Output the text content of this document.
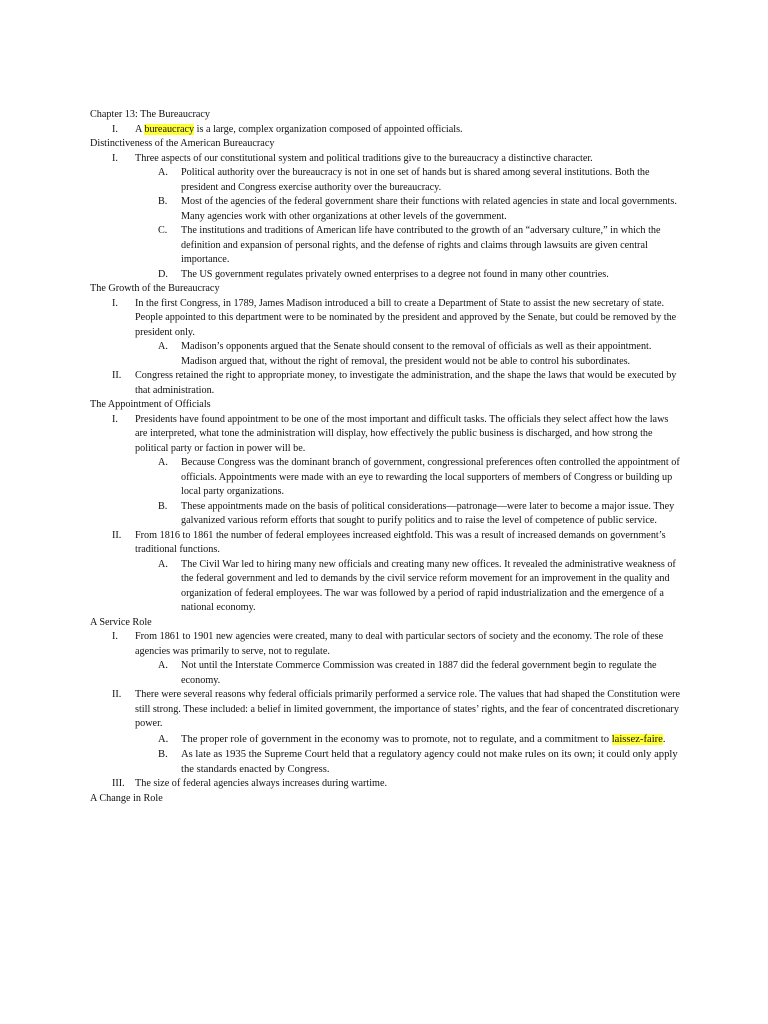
Chapter 13: The Bureaucracy

I. A bureaucracy is a large, complex organization composed of appointed officials.

Distinctiveness of the American Bureaucracy

I. Three aspects of our constitutional system and political traditions give to the bureaucracy a distinctive character.
A. Political authority over the bureaucracy is not in one set of hands but is shared among several institutions. Both the president and Congress exercise authority over the bureaucracy.
B. Most of the agencies of the federal government share their functions with related agencies in state and local governments. Many agencies work with other organizations at other levels of the government.
C. The institutions and traditions of American life have contributed to the growth of an “adversary culture,” in which the definition and expansion of personal rights, and the defense of rights and claims through lawsuits are given central importance.
D. The US government regulates privately owned enterprises to a degree not found in many other countries.

The Growth of the Bureaucracy

I. In the first Congress, in 1789, James Madison introduced a bill to create a Department of State to assist the new secretary of state. People appointed to this department were to be nominated by the president and approved by the Senate, but could be removed by the president only.
A. Madison’s opponents argued that the Senate should consent to the removal of officials as well as their appointment. Madison argued that, without the right of removal, the president would not be able to control his subordinates.
II. Congress retained the right to appropriate money, to investigate the administration, and the shape the laws that would be executed by that administration.

The Appointment of Officials

I. Presidents have found appointment to be one of the most important and difficult tasks. The officials they select affect how the laws are interpreted, what tone the administration will display, how effectively the public business is discharged, and how strong the political party or faction in power will be.
A. Because Congress was the dominant branch of government, congressional preferences often controlled the appointment of officials. Appointments were made with an eye to rewarding the local supporters of members of Congress or building up local party organizations.
B. These appointments made on the basis of political considerations—patronage—were later to become a major issue. They galvanized various reform efforts that sought to purify politics and to raise the level of competence of public service.
II. From 1816 to 1861 the number of federal employees increased eightfold. This was a result of increased demands on government’s traditional functions.
A. The Civil War led to hiring many new officials and creating many new offices. It revealed the administrative weakness of the federal government and led to demands by the civil service reform movement for an improvement in the quality and organization of federal employees. The war was followed by a period of rapid industrialization and the emergence of a national economy.

A Service Role

I. From 1861 to 1901 new agencies were created, many to deal with particular sectors of society and the economy. The role of these agencies was primarily to serve, not to regulate.
A. Not until the Interstate Commerce Commission was created in 1887 did the federal government begin to regulate the economy.
II. There were several reasons why federal officials primarily performed a service role. The values that had shaped the Constitution were still strong. These included: a belief in limited government, the importance of states’ rights, and the fear of concentrated discretionary power.
A. The proper role of government in the economy was to promote, not to regulate, and a commitment to laissez-faire.
B. As late as 1935 the Supreme Court held that a regulatory agency could not make rules on its own; it could only apply the standards enacted by Congress.
III. The size of federal agencies always increases during wartime.

A Change in Role
